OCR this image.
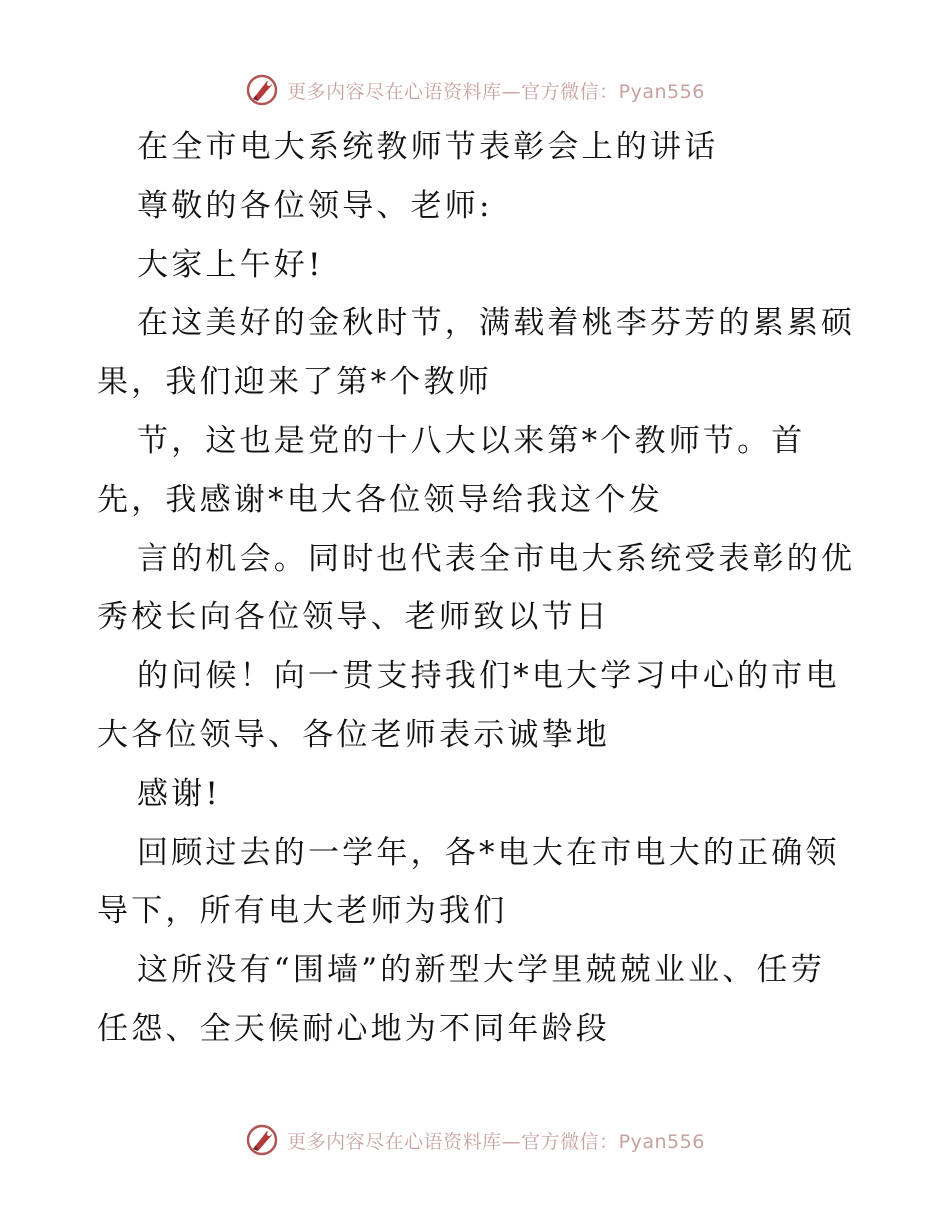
更多内容尽在心语资料库—官方微信：Pyan556
在全市电大系统教师节表彰会上的讲话
尊敬的各位领导、老师:
大家上午好!
在这美好的金秋时节，满载着桃李芬芳的累累硕
果，我们迎来了第*个教师
节，这也是党的十八大以来第*个教师节。首
先，我感谢*电大各位领导给我这个发
言的机会。同时也代表全市电大系统受表彰的优
秀校长向各位领导、老师致以节日
的问候！向一贯支持我们*电大学习中心的市电
大各位领导、各位老师表示诚挚地
感谢!
回顾过去的一学年，各*电大在市电大的正确领
导下，所有电大老师为我们
这所没有“围墙”的新型大学里兢兢业业、任劳
任怨、全天候耐心地为不同年龄段
更多内容尽在心语资料库—官方微信：Pyan556
